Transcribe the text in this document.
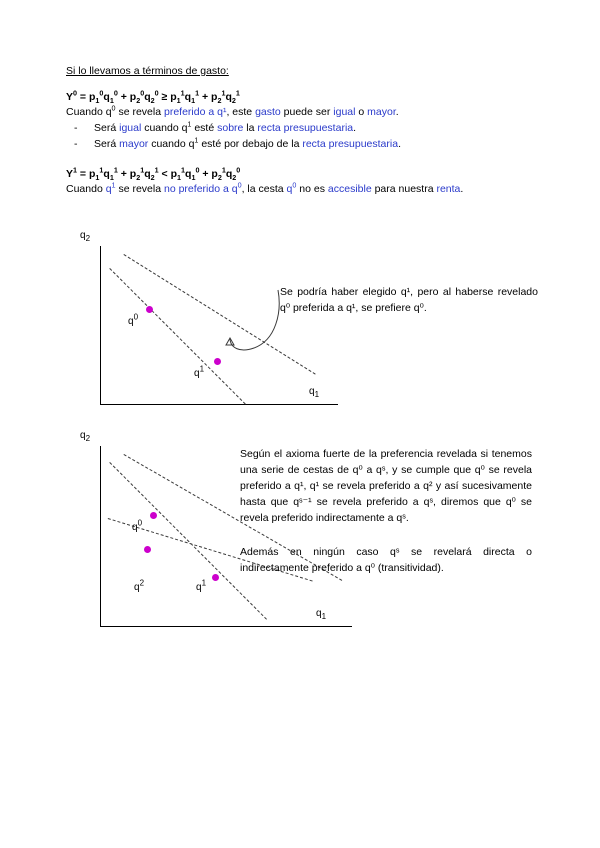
Si lo llevamos a términos de gasto:

$Y^0 = p_1^0q_1^0 + p_2^0q_2^0 \ge p_1^1q_1^1 + p_2^1q_2^1$

Cuando $q^0$ se revela preferido a q¹, este gasto puede ser igual o mayor.

- Será igual cuando $q^1$ esté sobre la recta presupuestaria.
- Será mayor cuando $q^1$ esté por debajo de la recta presupuestaria.

$Y^1 = p_1^1q_1^1 + p_2^1q_2^1 < p_1^1q_1^0 + p_2^1q_2^0$

Cuando $q^1$ se revela no preferido a $q^0$, la cesta $q^0$ no es accesible para nuestra renta.

$q_2$
$q_1$
$q^0$
$q^1$
Se podría haber elegido q¹, pero al haberse revelado q⁰ preferida a q¹, se prefiere q⁰.
$q_2$
$q_1$
$q^0$
$q^1$
$q^2$
Según el axioma fuerte de la preferencia revelada si tenemos una serie de cestas de q⁰ a qˢ, y se cumple que q⁰ se revela preferido a q¹, q¹ se revela preferido a q² y así sucesivamente hasta que qˢ⁻¹ se revela preferido a qˢ, diremos que q⁰ se revela preferido indirectamente a qˢ.
Además en ningún caso qˢ se revelará directa o indirectamente preferido a q⁰ (transitividad).
